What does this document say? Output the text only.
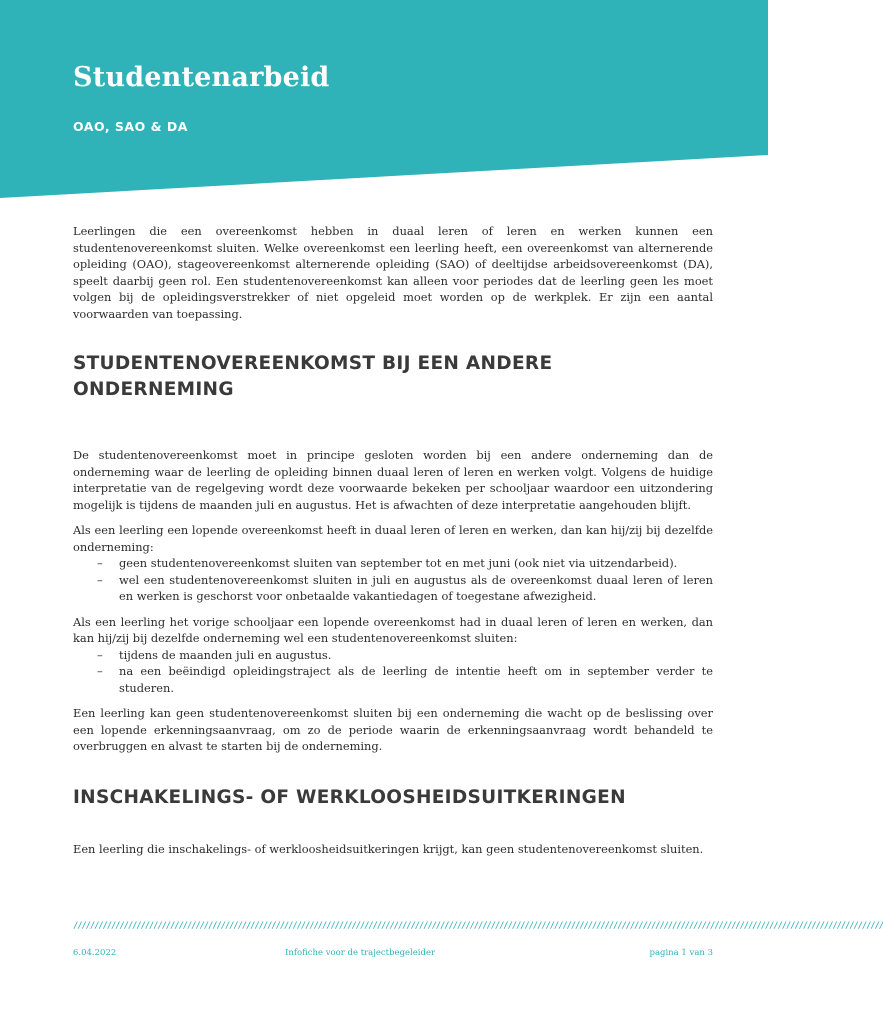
Studentenarbeid
OAO, SAO & DA

Leerlingen die een overeenkomst hebben in duaal leren of leren en werken kunnen een studentenovereenkomst sluiten. Welke overeenkomst een leerling heeft, een overeenkomst van alternerende opleiding (OAO), stageovereenkomst alternerende opleiding (SAO) of deeltijdse arbeidsovereenkomst (DA), speelt daarbij geen rol. Een studentenovereenkomst kan alleen voor periodes dat de leerling geen les moet volgen bij de opleidingsverstrekker of niet opgeleid moet worden op de werkplek. Er zijn een aantal voorwaarden van toepassing.

STUDENTENOVEREENKOMST BIJ EEN ANDERE ONDERNEMING

De studentenovereenkomst moet in principe gesloten worden bij een andere onderneming dan de onderneming waar de leerling de opleiding binnen duaal leren of leren en werken volgt. Volgens de huidige interpretatie van de regelgeving wordt deze voorwaarde bekeken per schooljaar waardoor een uitzondering mogelijk is tijdens de maanden juli en augustus. Het is afwachten of deze interpretatie aangehouden blijft.

Als een leerling een lopende overeenkomst heeft in duaal leren of leren en werken, dan kan hij/zij bij dezelfde onderneming:

– geen studentenovereenkomst sluiten van september tot en met juni (ook niet via uitzendarbeid).
– wel een studentenovereenkomst sluiten in juli en augustus als de overeenkomst duaal leren of leren en werken is geschorst voor onbetaalde vakantiedagen of toegestane afwezigheid.

Als een leerling het vorige schooljaar een lopende overeenkomst had in duaal leren of leren en werken, dan kan hij/zij bij dezelfde onderneming wel een studentenovereenkomst sluiten:

– tijdens de maanden juli en augustus.
– na een beëindigd opleidingstraject als de leerling de intentie heeft om in september verder te studeren.

Een leerling kan geen studentenovereenkomst sluiten bij een onderneming die wacht op de beslissing over een lopende erkenningsaanvraag, om zo de periode waarin de erkenningsaanvraag wordt behandeld te overbruggen en alvast te starten bij de onderneming.

INSCHAKELINGS- OF WERKLOOSHEIDSUITKERINGEN

Een leerling die inschakelings- of werkloosheidsuitkeringen krijgt, kan geen studentenovereenkomst sluiten.

////////////////////////////////////////////////////////////////////////////////////////////////////////////////////////////////////////////////////////////////////////////////////////////////
6.04.2022	Infofiche voor de trajectbegeleider	pagina 1 van 3
